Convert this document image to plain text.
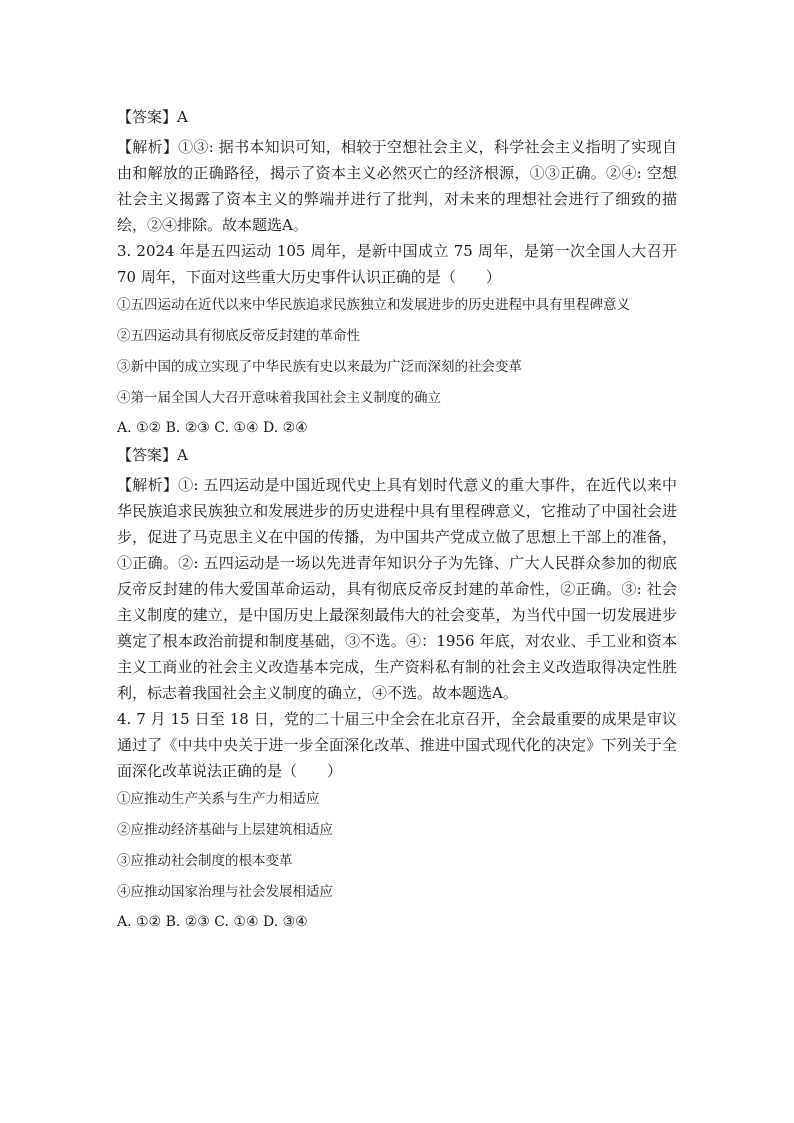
【答案】A
【解析】①③: 据书本知识可知，相较于空想社会主义，科学社会主义指明了实现自由和解放的正确路径，揭示了资本主义必然灭亡的经济根源，①③正确。②④: 空想社会主义揭露了资本主义的弊端并进行了批判，对未来的理想社会进行了细致的描绘，②④排除。故本题选A。
3. 2024 年是五四运动 105 周年，是新中国成立 75 周年，是第一次全国人大召开 70 周年，下面对这些重大历史事件认识正确的是（　　）
①五四运动在近代以来中华民族追求民族独立和发展进步的历史进程中具有里程碑意义
②五四运动具有彻底反帝反封建的革命性
③新中国的成立实现了中华民族有史以来最为广泛而深刻的社会变革
④第一届全国人大召开意味着我国社会主义制度的确立
A. ①② B. ②③ C. ①④ D. ②④
【答案】A
【解析】①: 五四运动是中国近现代史上具有划时代意义的重大事件，在近代以来中华民族追求民族独立和发展进步的历史进程中具有里程碑意义，它推动了中国社会进步，促进了马克思主义在中国的传播，为中国共产党成立做了思想上干部上的准备，①正确。②: 五四运动是一场以先进青年知识分子为先锋、广大人民群众参加的彻底反帝反封建的伟大爱国革命运动，具有彻底反帝反封建的革命性，②正确。③: 社会主义制度的建立，是中国历史上最深刻最伟大的社会变革，为当代中国一切发展进步奠定了根本政治前提和制度基础，③不选。④：1956 年底，对农业、手工业和资本主义工商业的社会主义改造基本完成，生产资料私有制的社会主义改造取得决定性胜利，标志着我国社会主义制度的确立，④不选。故本题选A。
4. 7 月 15 日至 18 日，党的二十届三中全会在北京召开，全会最重要的成果是审议通过了《中共中央关于进一步全面深化改革、推进中国式现代化的决定》下列关于全面深化改革说法正确的是（　　）
①应推动生产关系与生产力相适应
②应推动经济基础与上层建筑相适应
③应推动社会制度的根本变革
④应推动国家治理与社会发展相适应
A. ①② B. ②③ C. ①④ D. ③④
